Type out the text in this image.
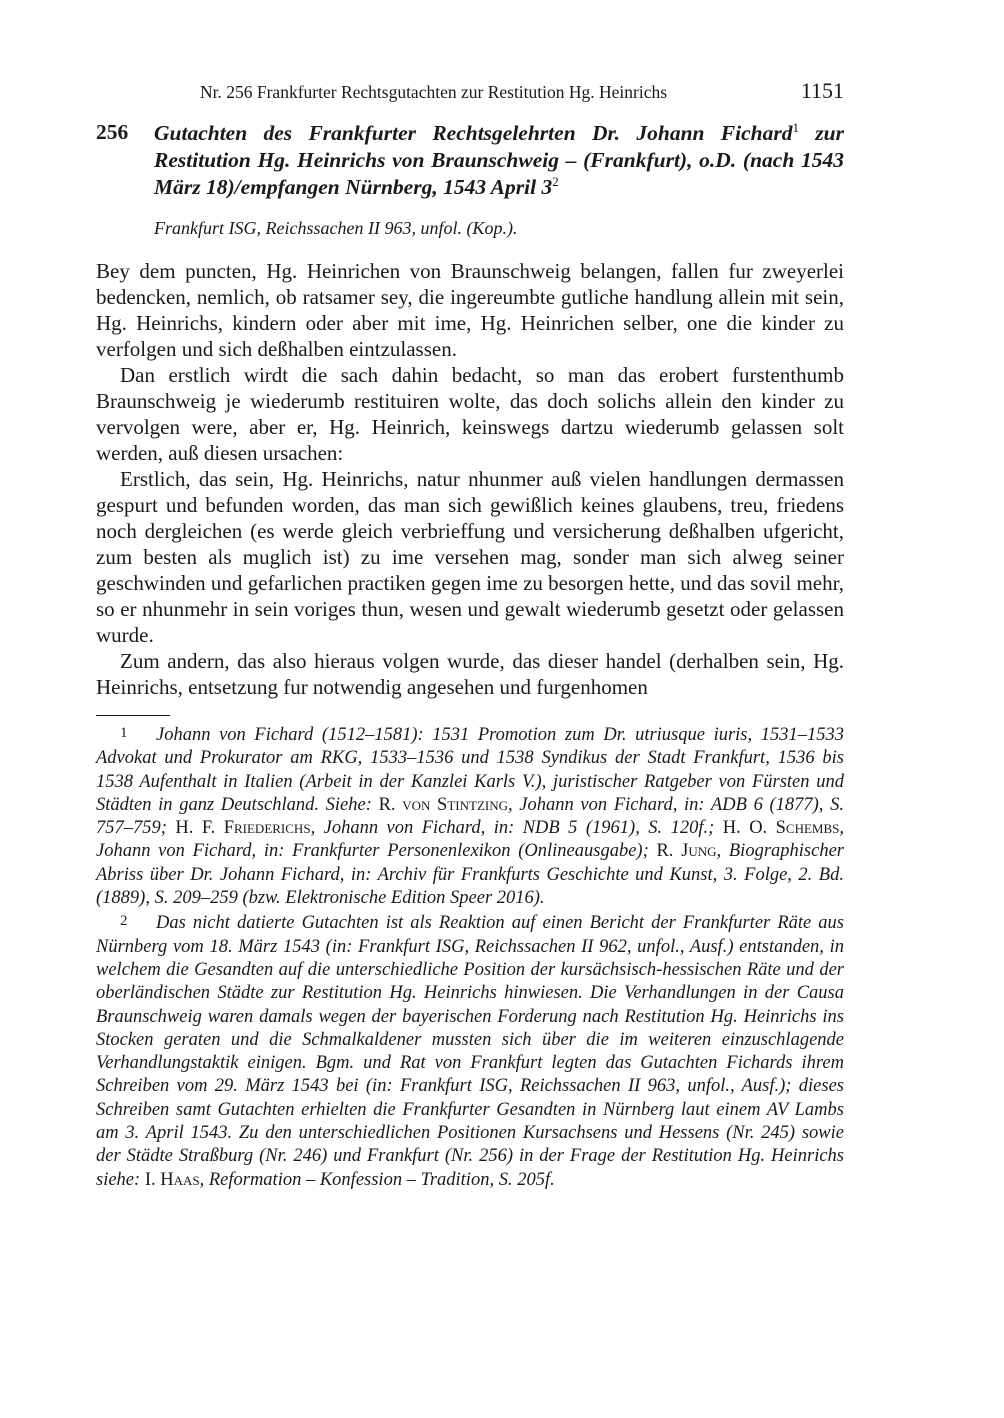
Nr. 256 Frankfurter Rechtsgutachten zur Restitution Hg. Heinrichs	1151
256 Gutachten des Frankfurter Rechtsgelehrten Dr. Johann Fichard$^1$ zur Restitution Hg. Heinrichs von Braunschweig – (Frankfurt), o.D. (nach 1543 März 18)/empfangen Nürnberg, 1543 April 3$^2$
Frankfurt ISG, Reichssachen II 963, unfol. (Kop.).

Bey dem puncten, Hg. Heinrichen von Braunschweig belangen, fallen fur zweyerlei bedencken, nemlich, ob ratsamer sey, die ingereumbte gutliche handlung allein mit sein, Hg. Heinrichs, kindern oder aber mit ime, Hg. Heinrichen selber, one die kinder zu verfolgen und sich deßhalben eintzulassen.

Dan erstlich wirdt die sach dahin bedacht, so man das erobert furstenthumb Braunschweig je wiederumb restituiren wolte, das doch solichs allein den kinder zu vervolgen were, aber er, Hg. Heinrich, keinswegs dartzu wiederumb gelassen solt werden, auß diesen ursachen:

Erstlich, das sein, Hg. Heinrichs, natur nhunmer auß vielen handlungen dermassen gespurt und befunden worden, das man sich gewißlich keines glaubens, treu, friedens noch dergleichen (es werde gleich verbrieffung und versicherung deßhalben ufgericht, zum besten als muglich ist) zu ime versehen mag, sonder man sich alweg seiner geschwinden und gefarlichen practiken gegen ime zu besorgen hette, und das sovil mehr, so er nhunmehr in sein voriges thun, wesen und gewalt wiederumb gesetzt oder gelassen wurde.

Zum andern, das also hieraus volgen wurde, das dieser handel (derhalben sein, Hg. Heinrichs, entsetzung fur notwendig angesehen und furgenhomen

1 Johann von Fichard (1512–1581): 1531 Promotion zum Dr. utriusque iuris, 1531–1533 Advokat und Prokurator am RKG, 1533–1536 und 1538 Syndikus der Stadt Frankfurt, 1536 bis 1538 Aufenthalt in Italien (Arbeit in der Kanzlei Karls V.), juristischer Ratgeber von Fürsten und Städten in ganz Deutschland. Siehe: R. von Stintzing, Johann von Fichard, in: ADB 6 (1877), S. 757–759; H. F. Friederichs, Johann von Fichard, in: NDB 5 (1961), S. 120f.; H. O. Schembs, Johann von Fichard, in: Frankfurter Personenlexikon (Onlineausgabe); R. Jung, Biographischer Abriss über Dr. Johann Fichard, in: Archiv für Frankfurts Geschichte und Kunst, 3. Folge, 2. Bd. (1889), S. 209–259 (bzw. Elektronische Edition Speer 2016).

2 Das nicht datierte Gutachten ist als Reaktion auf einen Bericht der Frankfurter Räte aus Nürnberg vom 18. März 1543 (in: Frankfurt ISG, Reichssachen II 962, unfol., Ausf.) entstanden, in welchem die Gesandten auf die unterschiedliche Position der kursächsisch-hessischen Räte und der oberländischen Städte zur Restitution Hg. Heinrichs hinwiesen. Die Verhandlungen in der Causa Braunschweig waren damals wegen der bayerischen Forderung nach Restitution Hg. Heinrichs ins Stocken geraten und die Schmalkaldener mussten sich über die im weiteren einzuschlagende Verhandlungstaktik einigen. Bgm. und Rat von Frankfurt legten das Gutachten Fichards ihrem Schreiben vom 29. März 1543 bei (in: Frankfurt ISG, Reichssachen II 963, unfol., Ausf.); dieses Schreiben samt Gutachten erhielten die Frankfurter Gesandten in Nürnberg laut einem AV Lambs am 3. April 1543. Zu den unterschiedlichen Positionen Kursachsens und Hessens (Nr. 245) sowie der Städte Straßburg (Nr. 246) und Frankfurt (Nr. 256) in der Frage der Restitution Hg. Heinrichs siehe: I. Haas, Reformation – Konfession – Tradition, S. 205f.
